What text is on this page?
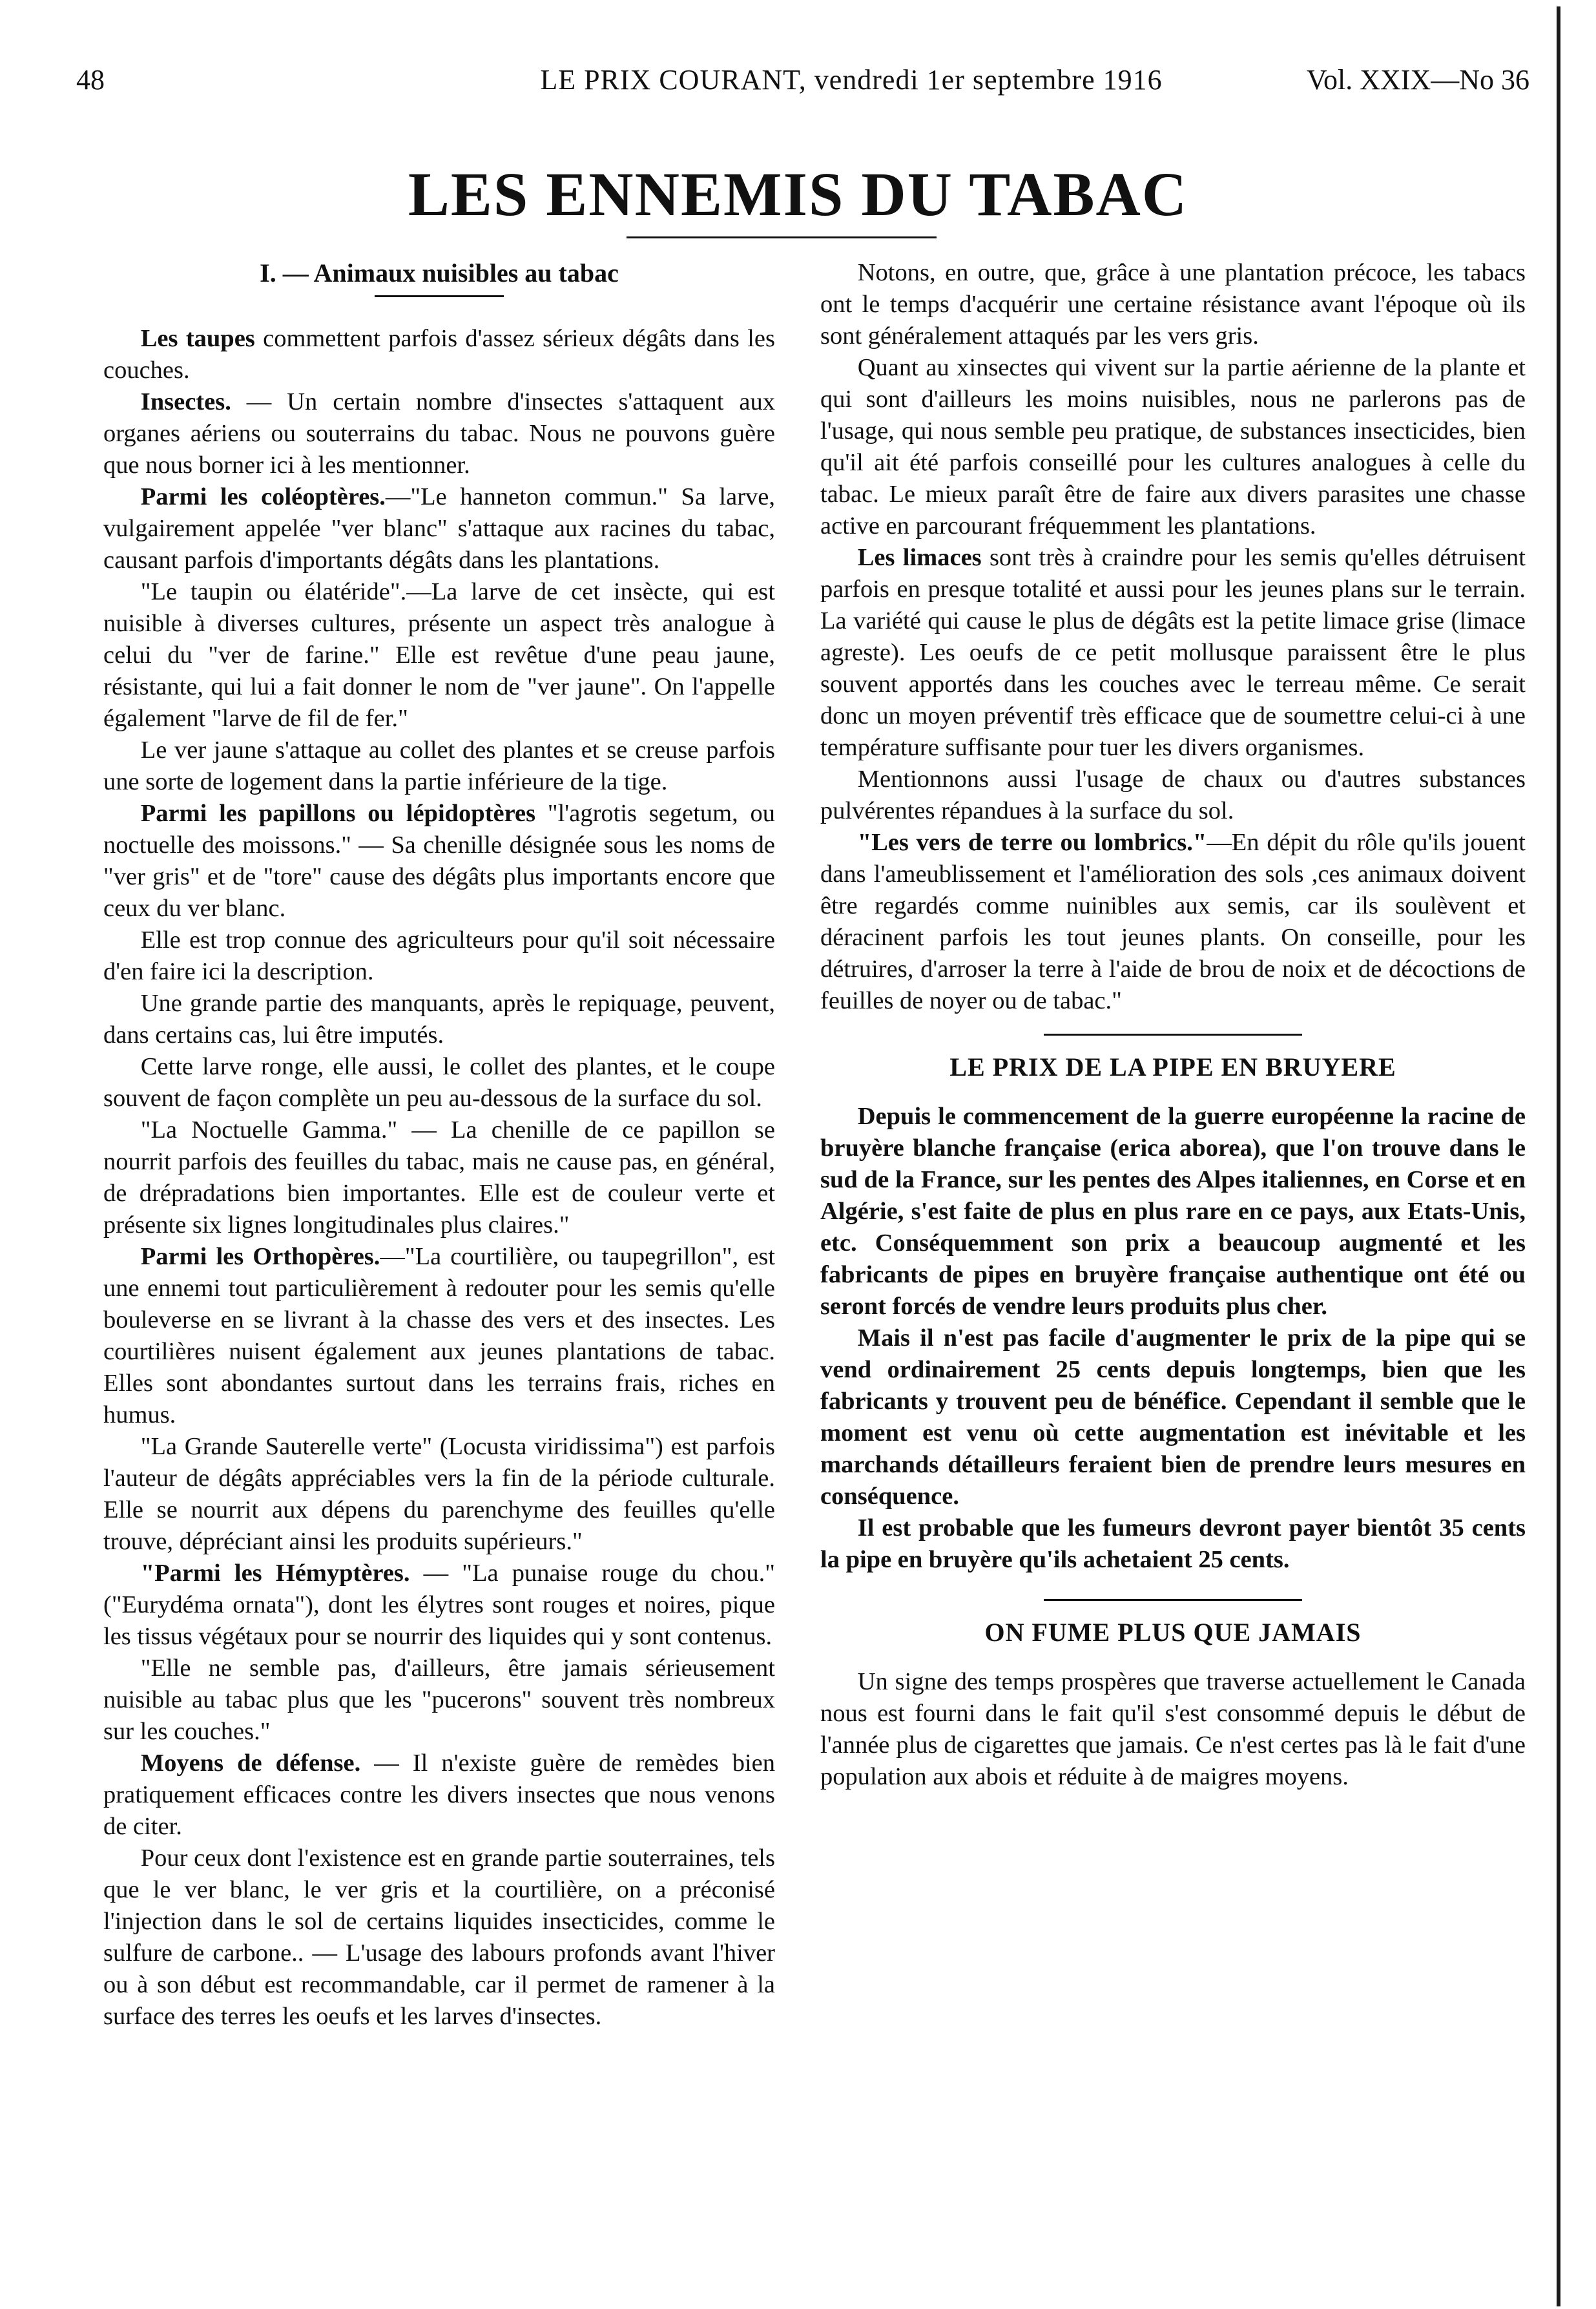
48	LE PRIX COURANT, vendredi 1er septembre 1916	Vol. XXIX—No 36
LES ENNEMIS DU TABAC
I. — Animaux nuisibles au tabac

Les taupes commettent parfois d'assez sérieux dégâts dans les couches.

Insectes. — Un certain nombre d'insectes s'attaquent aux organes aériens ou souterrains du tabac. Nous ne pouvons guère que nous borner ici à les mentionner.

Parmi les coléoptères.—"Le hanneton commun." Sa larve, vulgairement appelée "ver blanc" s'attaque aux racines du tabac, causant parfois d'importants dégâts dans les plantations.

"Le taupin ou élatéride".—La larve de cet insècte, qui est nuisible à diverses cultures, présente un aspect très analogue à celui du "ver de farine." Elle est revêtue d'une peau jaune, résistante, qui lui a fait donner le nom de "ver jaune". On l'appelle également "larve de fil de fer."

Le ver jaune s'attaque au collet des plantes et se creuse parfois une sorte de logement dans la partie inférieure de la tige.

Parmi les papillons ou lépidoptères "l'agrotis segetum, ou noctuelle des moissons." — Sa chenille désignée sous les noms de "ver gris" et de "tore" cause des dégâts plus importants encore que ceux du ver blanc.

Elle est trop connue des agriculteurs pour qu'il soit nécessaire d'en faire ici la description.

Une grande partie des manquants, après le repiquage, peuvent, dans certains cas, lui être imputés.

Cette larve ronge, elle aussi, le collet des plantes, et le coupe souvent de façon complète un peu au-dessous de la surface du sol.

"La Noctuelle Gamma." — La chenille de ce papillon se nourrit parfois des feuilles du tabac, mais ne cause pas, en général, de drépradations bien importantes. Elle est de couleur verte et présente six lignes longitudinales plus claires."

Parmi les Orthopères.—"La courtilière, ou taupegrillon", est une ennemi tout particulièrement à redouter pour les semis qu'elle bouleverse en se livrant à la chasse des vers et des insectes. Les courtilières nuisent également aux jeunes plantations de tabac. Elles sont abondantes surtout dans les terrains frais, riches en humus.

"La Grande Sauterelle verte" (Locusta viridissima") est parfois l'auteur de dégâts appréciables vers la fin de la période culturale. Elle se nourrit aux dépens du parenchyme des feuilles qu'elle trouve, dépréciant ainsi les produits supérieurs."

"Parmi les Hémyptères. — "La punaise rouge du chou." ("Eurydéma ornata"), dont les élytres sont rouges et noires, pique les tissus végétaux pour se nourrir des liquides qui y sont contenus.

"Elle ne semble pas, d'ailleurs, être jamais sérieusement nuisible au tabac plus que les "pucerons" souvent très nombreux sur les couches."

Moyens de défense. — Il n'existe guère de remèdes bien pratiquement efficaces contre les divers insectes que nous venons de citer.

Pour ceux dont l'existence est en grande partie souterraines, tels que le ver blanc, le ver gris et la courtilière, on a préconisé l'injection dans le sol de certains liquides insecticides, comme le sulfure de carbone.. — L'usage des labours profonds avant l'hiver ou à son début est recommandable, car il permet de ramener à la surface des terres les oeufs et les larves d'insectes.

Notons, en outre, que, grâce à une plantation précoce, les tabacs ont le temps d'acquérir une certaine résistance avant l'époque où ils sont généralement attaqués par les vers gris.

Quant au xinsectes qui vivent sur la partie aérienne de la plante et qui sont d'ailleurs les moins nuisibles, nous ne parlerons pas de l'usage, qui nous semble peu pratique, de substances insecticides, bien qu'il ait été parfois conseillé pour les cultures analogues à celle du tabac. Le mieux paraît être de faire aux divers parasites une chasse active en parcourant fréquemment les plantations.

Les limaces sont très à craindre pour les semis qu'elles détruisent parfois en presque totalité et aussi pour les jeunes plans sur le terrain. La variété qui cause le plus de dégâts est la petite limace grise (limace agreste). Les oeufs de ce petit mollusque paraissent être le plus souvent apportés dans les couches avec le terreau même. Ce serait donc un moyen préventif très efficace que de soumettre celui-ci à une température suffisante pour tuer les divers organismes.

Mentionnons aussi l'usage de chaux ou d'autres substances pulvérentes répandues à la surface du sol.

"Les vers de terre ou lombrics."—En dépit du rôle qu'ils jouent dans l'ameublissement et l'amélioration des sols ,ces animaux doivent être regardés comme nuinibles aux semis, car ils soulèvent et déracinent parfois les tout jeunes plants. On conseille, pour les détruires, d'arroser la terre à l'aide de brou de noix et de décoctions de feuilles de noyer ou de tabac."

LE PRIX DE LA PIPE EN BRUYERE

Depuis le commencement de la guerre européenne la racine de bruyère blanche française (erica aborea), que l'on trouve dans le sud de la France, sur les pentes des Alpes italiennes, en Corse et en Algérie, s'est faite de plus en plus rare en ce pays, aux Etats-Unis, etc. Conséquemment son prix a beaucoup augmenté et les fabricants de pipes en bruyère française authentique ont été ou seront forcés de vendre leurs produits plus cher.

Mais il n'est pas facile d'augmenter le prix de la pipe qui se vend ordinairement 25 cents depuis longtemps, bien que les fabricants y trouvent peu de bénéfice. Cependant il semble que le moment est venu où cette augmentation est inévitable et les marchands détailleurs feraient bien de prendre leurs mesures en conséquence.

Il est probable que les fumeurs devront payer bientôt 35 cents la pipe en bruyère qu'ils achetaient 25 cents.

ON FUME PLUS QUE JAMAIS

Un signe des temps prospères que traverse actuellement le Canada nous est fourni dans le fait qu'il s'est consommé depuis le début de l'année plus de cigarettes que jamais. Ce n'est certes pas là le fait d'une population aux abois et réduite à de maigres moyens.
